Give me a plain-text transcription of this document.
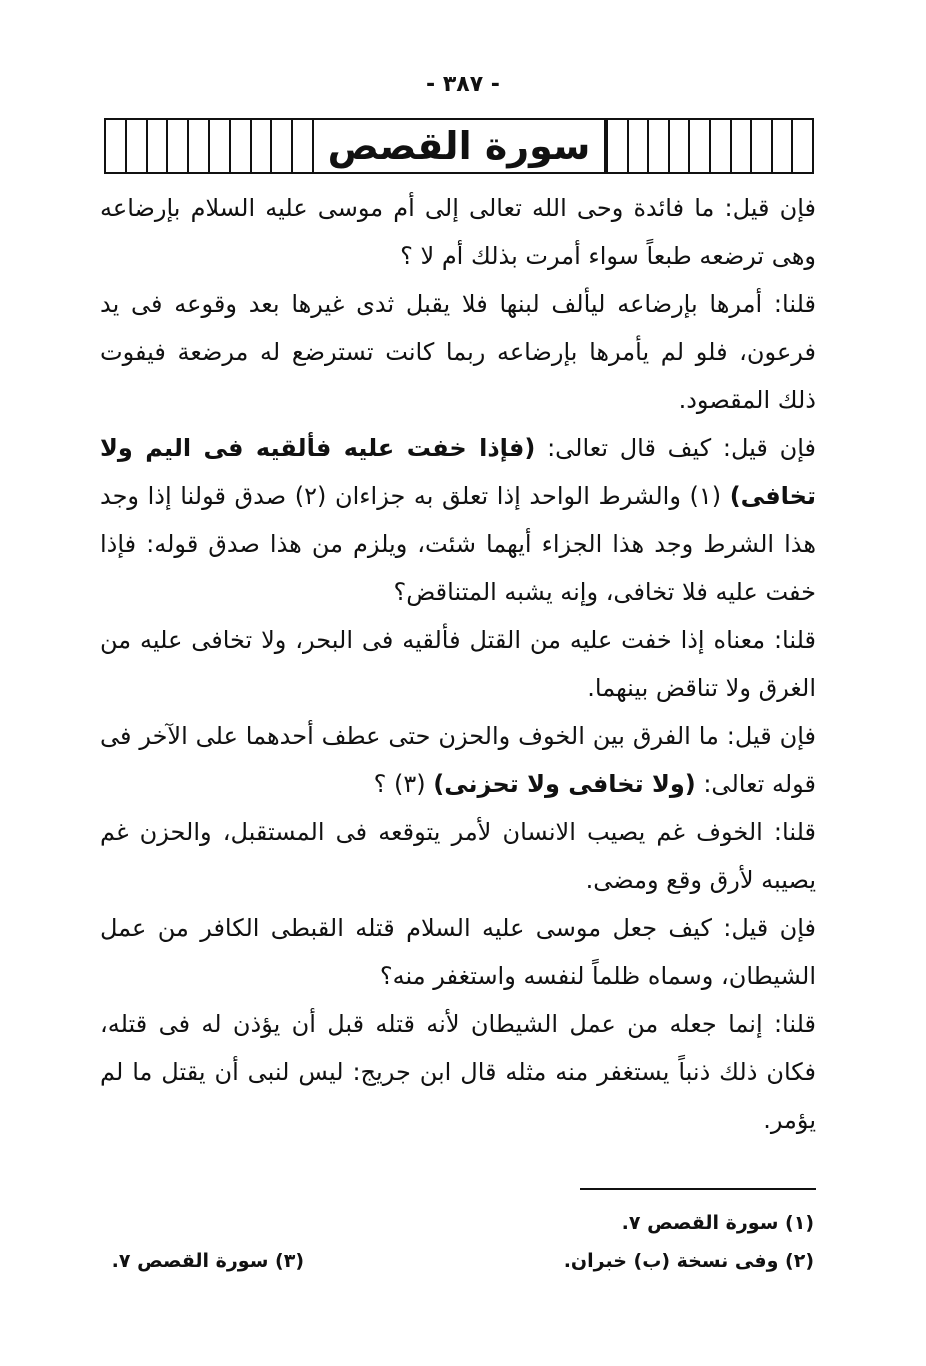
- ٣٨٧ -
سورة القصص

فإن قيل: ما فائدة وحى الله تعالى إلى أم موسى عليه السلام بإرضاعه وهى ترضعه طبعاً سواء أمرت بذلك أم لا ؟

قلنا: أمرها بإرضاعه ليألف لبنها فلا يقبل ثدى غيرها بعد وقوعه فى يد فرعون، فلو لم يأمرها بإرضاعه ربما كانت تسترضع له مرضعة فيفوت ذلك المقصود.

فإن قيل: كيف قال تعالى: (فإذا خفت عليه فألقيه فى اليم ولا تخافى) (١) والشرط الواحد إذا تعلق به جزاءان (٢) صدق قولنا إذا وجد هذا الشرط وجد هذا الجزاء أيهما شئت، ويلزم من هذا صدق قوله: فإذا خفت عليه فلا تخافى، وإنه يشبه المتناقض؟

قلنا: معناه إذا خفت عليه من القتل فألقيه فى البحر، ولا تخافى عليه من الغرق ولا تناقض بينهما.

فإن قيل: ما الفرق بين الخوف والحزن حتى عطف أحدهما على الآخر فى قوله تعالى: (ولا تخافى ولا تحزنى) (٣) ؟

قلنا: الخوف غم يصيب الانسان لأمر يتوقعه فى المستقبل، والحزن غم يصيبه لأرق وقع ومضى.

فإن قيل: كيف جعل موسى عليه السلام قتله القبطى الكافر من عمل الشيطان، وسماه ظلماً لنفسه واستغفر منه؟

قلنا: إنما جعله من عمل الشيطان لأنه قتله قبل أن يؤذن له فى قتله، فكان ذلك ذنباً يستغفر منه مثله قال ابن جريج: ليس لنبى أن يقتل ما لم يؤمر.

(١) سورة القصص ٧.
(٢) وفى نسخة (ب) خبران.
(٣) سورة القصص ٧.
